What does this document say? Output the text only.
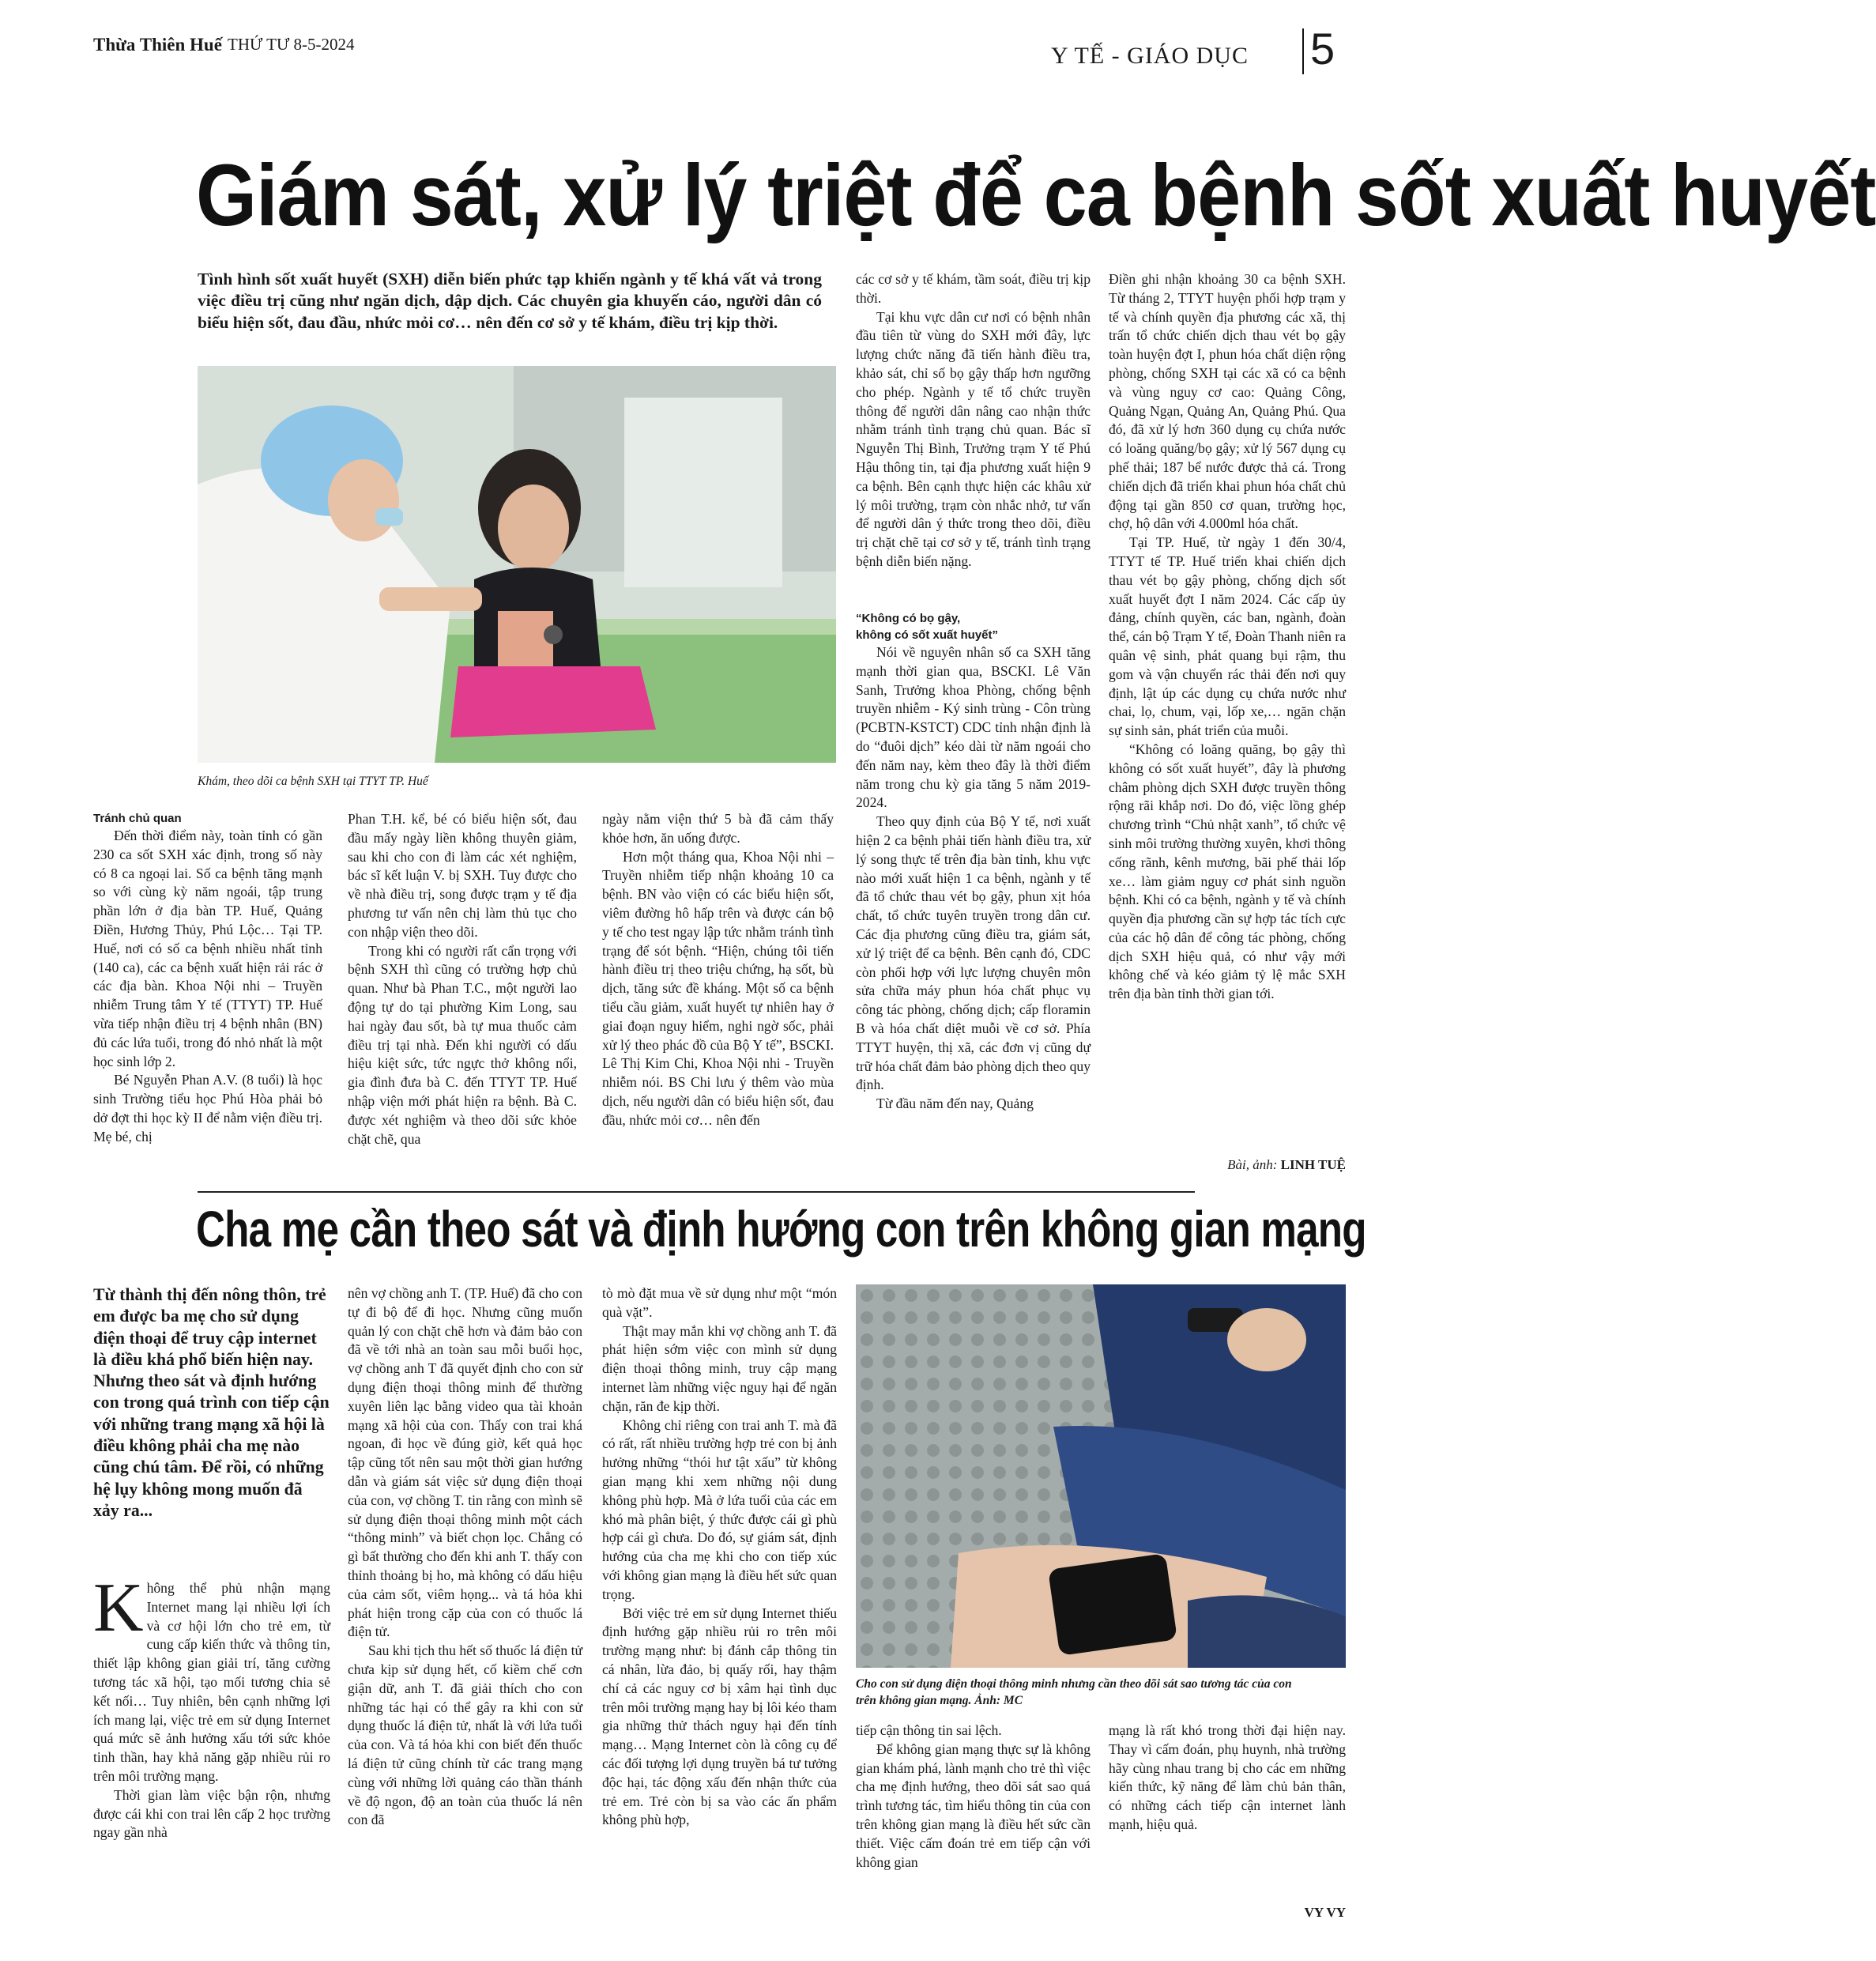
Thừa Thiên Huế THỨ TƯ 8-5-2024	Y TẾ - GIÁO DỤC 5
Giám sát, xử lý triệt để ca bệnh sốt xuất huyết
Tình hình sốt xuất huyết (SXH) diễn biến phức tạp khiến ngành y tế khá vất vả trong việc điều trị cũng như ngăn dịch, dập dịch. Các chuyên gia khuyến cáo, người dân có biểu hiện sốt, đau đầu, nhức mỏi cơ… nên đến cơ sở y tế khám, điều trị kịp thời.
Khám, theo dõi ca bệnh SXH tại TTYT TP. Huế

các cơ sở y tế khám, tầm soát, điều trị kịp thời.

Tại khu vực dân cư nơi có bệnh nhân đầu tiên từ vùng do SXH mới đây, lực lượng chức năng đã tiến hành điều tra, khảo sát, chỉ số bọ gậy thấp hơn ngưỡng cho phép. Ngành y tế tổ chức truyền thông để người dân nâng cao nhận thức nhằm tránh tình trạng chủ quan. Bác sĩ Nguyễn Thị Bình, Trưởng trạm Y tế Phú Hậu thông tin, tại địa phương xuất hiện 9 ca bệnh. Bên cạnh thực hiện các khâu xử lý môi trường, trạm còn nhắc nhở, tư vấn để người dân ý thức trong theo dõi, điều trị chặt chẽ tại cơ sở y tế, tránh tình trạng bệnh diễn biến nặng.

“Không có bọ gậy,
không có sốt xuất huyết”

Nói về nguyên nhân số ca SXH tăng mạnh thời gian qua, BSCKI. Lê Văn Sanh, Trưởng khoa Phòng, chống bệnh truyền nhiễm - Ký sinh trùng - Côn trùng (PCBTN-KSTCT) CDC tỉnh nhận định là do “đuôi dịch” kéo dài từ năm ngoái cho đến năm nay, kèm theo đây là thời điểm năm trong chu kỳ gia tăng 5 năm 2019-2024.

Theo quy định của Bộ Y tế, nơi xuất hiện 2 ca bệnh phải tiến hành điều tra, xử lý song thực tế trên địa bàn tỉnh, khu vực nào mới xuất hiện 1 ca bệnh, ngành y tế đã tổ chức thau vét bọ gậy, phun xịt hóa chất, tổ chức tuyên truyền trong dân cư. Các địa phương cũng điều tra, giám sát, xử lý triệt để ca bệnh. Bên cạnh đó, CDC còn phối hợp với lực lượng chuyên môn sửa chữa máy phun hóa chất phục vụ công tác phòng, chống dịch; cấp floramin B và hóa chất diệt muỗi về cơ sở. Phía TTYT huyện, thị xã, các đơn vị cũng dự trữ hóa chất đảm bảo phòng dịch theo quy định.

Từ đầu năm đến nay, Quảng

Điền ghi nhận khoảng 30 ca bệnh SXH. Từ tháng 2, TTYT huyện phối hợp trạm y tế và chính quyền địa phương các xã, thị trấn tổ chức chiến dịch thau vét bọ gậy toàn huyện đợt I, phun hóa chất diện rộng phòng, chống SXH tại các xã có ca bệnh và vùng nguy cơ cao: Quảng Công, Quảng Ngạn, Quảng An, Quảng Phú. Qua đó, đã xử lý hơn 360 dụng cụ chứa nước có loăng quăng/bọ gậy; xử lý 567 dụng cụ phế thải; 187 bể nước được thả cá. Trong chiến dịch đã triển khai phun hóa chất chủ động tại gần 850 cơ quan, trường học, chợ, hộ dân với 4.000ml hóa chất.

Tại TP. Huế, từ ngày 1 đến 30/4, TTYT tế TP. Huế triển khai chiến dịch thau vét bọ gậy phòng, chống dịch sốt xuất huyết đợt I năm 2024. Các cấp ủy đảng, chính quyền, các ban, ngành, đoàn thể, cán bộ Trạm Y tế, Đoàn Thanh niên ra quân vệ sinh, phát quang bụi rậm, thu gom và vận chuyển rác thải đến nơi quy định, lật úp các dụng cụ chứa nước như chai, lọ, chum, vại, lốp xe,… ngăn chặn sự sinh sản, phát triển của muỗi.

“Không có loăng quăng, bọ gậy thì không có sốt xuất huyết”, đây là phương châm phòng dịch SXH được truyền thông rộng rãi khắp nơi. Do đó, việc lồng ghép chương trình “Chủ nhật xanh”, tổ chức vệ sinh môi trường thường xuyên, khơi thông cống rãnh, kênh mương, bãi phế thải lốp xe… làm giảm nguy cơ phát sinh nguồn bệnh. Khi có ca bệnh, ngành y tế và chính quyền địa phương cần sự hợp tác tích cực của các hộ dân để công tác phòng, chống dịch SXH hiệu quả, có như vậy mới không chế và kéo giảm tỷ lệ mắc SXH trên địa bàn tỉnh thời gian tới.

Bài, ảnh: LINH TUỆ

Tránh chủ quan

Đến thời điểm này, toàn tỉnh có gần 230 ca sốt SXH xác định, trong số này có 8 ca ngoại lai. Số ca bệnh tăng mạnh so với cùng kỳ năm ngoái, tập trung phần lớn ở địa bàn TP. Huế, Quảng Điền, Hương Thủy, Phú Lộc… Tại TP. Huế, nơi có số ca bệnh nhiều nhất tỉnh (140 ca), các ca bệnh xuất hiện rải rác ở các địa bàn. Khoa Nội nhi – Truyền nhiễm Trung tâm Y tế (TTYT) TP. Huế vừa tiếp nhận điều trị 4 bệnh nhân (BN) đủ các lứa tuổi, trong đó nhỏ nhất là một học sinh lớp 2.

Bé Nguyễn Phan A.V. (8 tuổi) là học sinh Trường tiểu học Phú Hòa phải bỏ dở đợt thi học kỳ II để nằm viện điều trị. Mẹ bé, chị

Phan T.H. kể, bé có biểu hiện sốt, đau đầu mấy ngày liền không thuyên giảm, sau khi cho con đi làm các xét nghiệm, bác sĩ kết luận V. bị SXH. Tuy được cho về nhà điều trị, song được trạm y tế địa phương tư vấn nên chị làm thủ tục cho con nhập viện theo dõi.

Trong khi có người rất cẩn trọng với bệnh SXH thì cũng có trường hợp chủ quan. Như bà Phan T.C., một người lao động tự do tại phường Kim Long, sau hai ngày đau sốt, bà tự mua thuốc cảm điều trị tại nhà. Đến khi người có dấu hiệu kiệt sức, tức ngực thở không nổi, gia đình đưa bà C. đến TTYT TP. Huế nhập viện mới phát hiện ra bệnh. Bà C. được xét nghiệm và theo dõi sức khỏe chặt chẽ, qua

ngày nằm viện thứ 5 bà đã cảm thấy khỏe hơn, ăn uống được.

Hơn một tháng qua, Khoa Nội nhi – Truyền nhiễm tiếp nhận khoảng 10 ca bệnh. BN vào viện có các biểu hiện sốt, viêm đường hô hấp trên và được cán bộ y tế cho test ngay lập tức nhằm tránh tình trạng để sót bệnh. “Hiện, chúng tôi tiến hành điều trị theo triệu chứng, hạ sốt, bù dịch, tăng sức đề kháng. Một số ca bệnh tiểu cầu giảm, xuất huyết tự nhiên hay ở giai đoạn nguy hiểm, nghi ngờ sốc, phải xử lý theo phác đồ của Bộ Y tế”, BSCKI. Lê Thị Kim Chi, Khoa Nội nhi - Truyền nhiễm nói. BS Chi lưu ý thêm vào mùa dịch, nếu người dân có biểu hiện sốt, đau đầu, nhức mỏi cơ… nên đến

Cha mẹ cần theo sát và định hướng con trên không gian mạng
Từ thành thị đến nông thôn, trẻ em được ba mẹ cho sử dụng điện thoại để truy cập internet là điều khá phổ biến hiện nay. Nhưng theo sát và định hướng con trong quá trình con tiếp cận với những trang mạng xã hội là điều không phải cha mẹ nào cũng chú tâm. Để rồi, có những hệ lụy không mong muốn đã xảy ra...

Không thể phủ nhận mạng Internet mang lại nhiều lợi ích và cơ hội lớn cho trẻ em, từ cung cấp kiến thức và thông tin, thiết lập không gian giải trí, tăng cường tương tác xã hội, tạo mối tương chia sẻ kết nối… Tuy nhiên, bên cạnh những lợi ích mang lại, việc trẻ em sử dụng Internet quá mức sẽ ảnh hưởng xấu tới sức khỏe tinh thần, hay khả năng gặp nhiều rủi ro trên môi trường mạng.

Thời gian làm việc bận rộn, nhưng được cái khi con trai lên cấp 2 học trường ngay gần nhà

nên vợ chồng anh T. (TP. Huế) đã cho con tự đi bộ để đi học. Nhưng cũng muốn quản lý con chặt chẽ hơn và đảm bảo con đã về tới nhà an toàn sau mỗi buổi học, vợ chồng anh T đã quyết định cho con sử dụng điện thoại thông minh để thường xuyên liên lạc bằng video qua tài khoản mạng xã hội của con. Thấy con trai khá ngoan, đi học về đúng giờ, kết quả học tập cũng tốt nên sau một thời gian hướng dẫn và giám sát việc sử dụng điện thoại của con, vợ chồng T. tin rằng con mình sẽ sử dụng điện thoại thông minh một cách “thông minh” và biết chọn lọc. Chẳng có gì bất thường cho đến khi anh T. thấy con thỉnh thoảng bị ho, mà không có dấu hiệu của cảm sốt, viêm họng... và tá hỏa khi phát hiện trong cặp của con có thuốc lá điện tử.

Sau khi tịch thu hết số thuốc lá điện tử chưa kịp sử dụng hết, cố kiềm chế cơn giận dữ, anh T. đã giải thích cho con những tác hại có thể gây ra khi con sử dụng thuốc lá điện tử, nhất là với lứa tuổi của con. Và tá hỏa khi con biết đến thuốc lá điện tử cũng chính từ các trang mạng cùng với những lời quảng cáo thần thánh về độ ngon, độ an toàn của thuốc lá nên con đã

tò mò đặt mua về sử dụng như một “món quà vặt”.

Thật may mắn khi vợ chồng anh T. đã phát hiện sớm việc con mình sử dụng điện thoại thông minh, truy cập mạng internet làm những việc nguy hại để ngăn chặn, răn đe kịp thời.

Không chỉ riêng con trai anh T. mà đã có rất, rất nhiều trường hợp trẻ con bị ảnh hưởng những “thói hư tật xấu” từ không gian mạng khi xem những nội dung không phù hợp. Mà ở lứa tuổi của các em khó mà phân biệt, ý thức được cái gì phù hợp cái gì chưa. Do đó, sự giám sát, định hướng của cha mẹ khi cho con tiếp xúc với không gian mạng là điều hết sức quan trọng.

Bởi việc trẻ em sử dụng Internet thiếu định hướng gặp nhiều rủi ro trên môi trường mạng như: bị đánh cắp thông tin cá nhân, lừa đảo, bị quấy rối, hay thậm chí cả các nguy cơ bị xâm hại tình dục trên môi trường mạng hay bị lôi kéo tham gia những thử thách nguy hại đến tính mạng… Mạng Internet còn là công cụ để các đối tượng lợi dụng truyền bá tư tưởng độc hại, tác động xấu đến nhận thức của trẻ em. Trẻ còn bị sa vào các ấn phẩm không phù hợp,

Cho con sử dụng điện thoại thông minh nhưng cần theo dõi sát sao tương tác của con trên không gian mạng. Ảnh: MC

tiếp cận thông tin sai lệch.

Để không gian mạng thực sự là không gian khám phá, lành mạnh cho trẻ thì việc cha mẹ định hướng, theo dõi sát sao quá trình tương tác, tìm hiểu thông tin của con trên không gian mạng là điều hết sức cần thiết. Việc cấm đoán trẻ em tiếp cận với không gian

mạng là rất khó trong thời đại hiện nay. Thay vì cấm đoán, phụ huynh, nhà trường hãy cùng nhau trang bị cho các em những kiến thức, kỹ năng để làm chủ bản thân, có những cách tiếp cận internet lành mạnh, hiệu quả.

VY VY
